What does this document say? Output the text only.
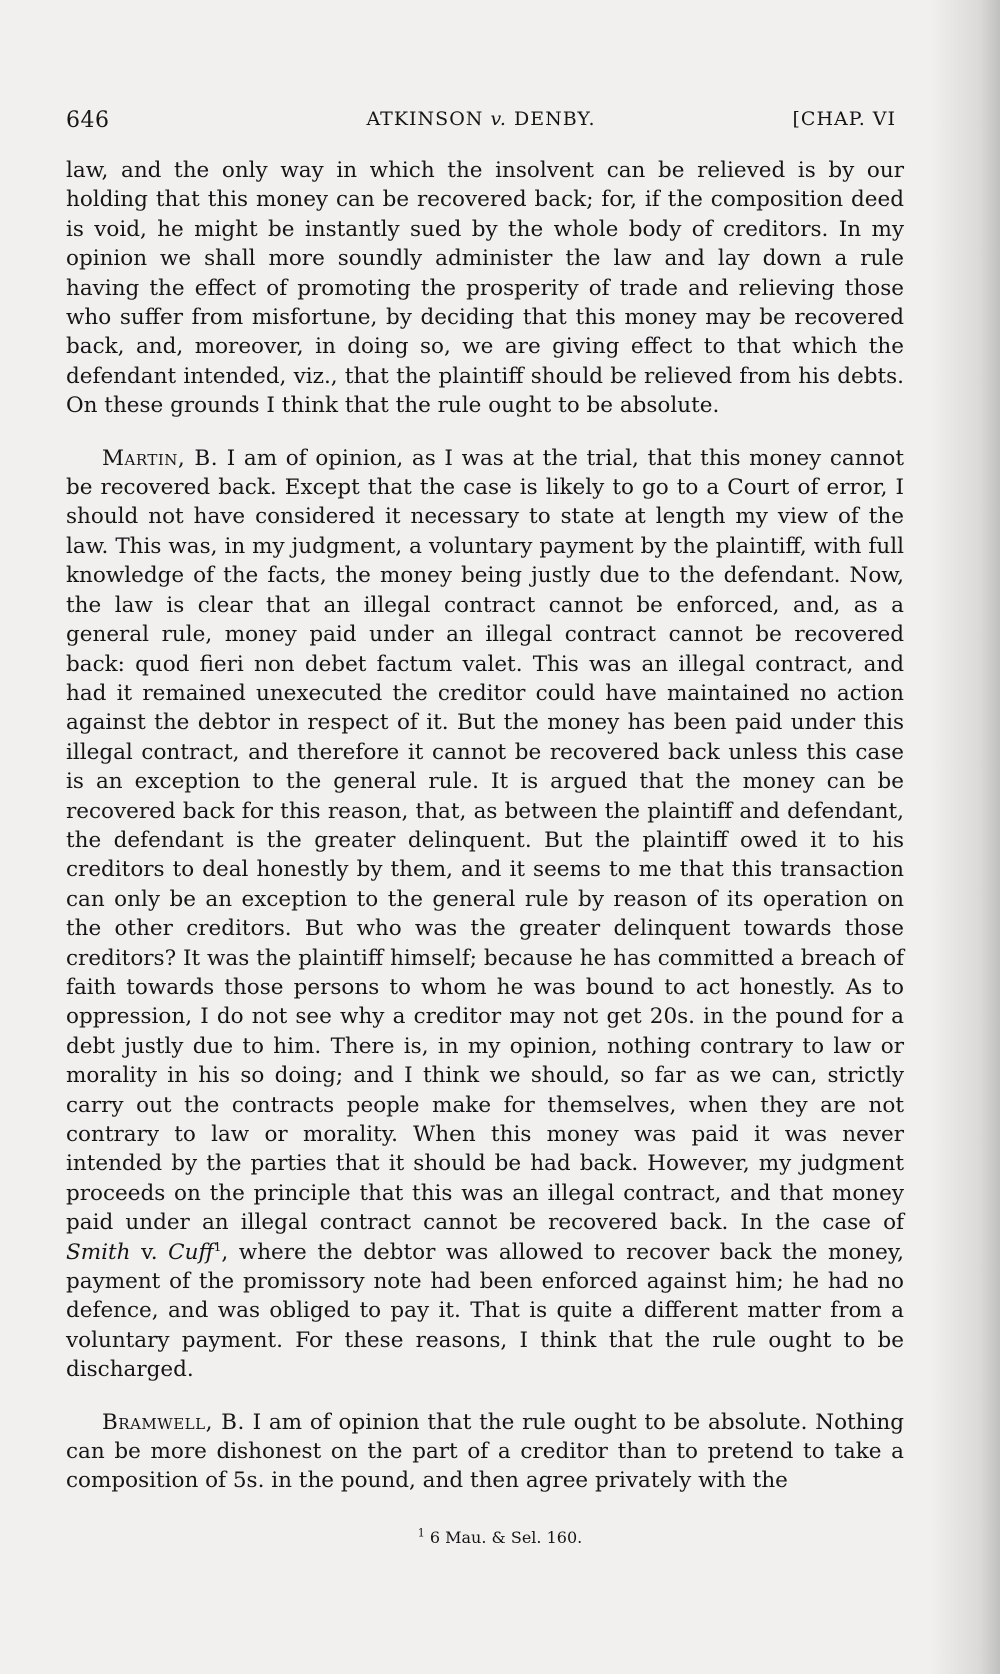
646	ATKINSON v. DENBY.	[CHAP. VI

law, and the only way in which the insolvent can be relieved is by our holding that this money can be recovered back; for, if the composition deed is void, he might be instantly sued by the whole body of creditors. In my opinion we shall more soundly administer the law and lay down a rule having the effect of promoting the prosperity of trade and relieving those who suffer from misfortune, by deciding that this money may be recovered back, and, moreover, in doing so, we are giving effect to that which the defendant intended, viz., that the plaintiff should be relieved from his debts. On these grounds I think that the rule ought to be absolute.

Martin, B. I am of opinion, as I was at the trial, that this money cannot be recovered back. Except that the case is likely to go to a Court of error, I should not have considered it necessary to state at length my view of the law. This was, in my judgment, a voluntary payment by the plaintiff, with full knowledge of the facts, the money being justly due to the defendant. Now, the law is clear that an illegal contract cannot be enforced, and, as a general rule, money paid under an illegal contract cannot be recovered back: quod fieri non debet factum valet. This was an illegal contract, and had it remained unexecuted the creditor could have maintained no action against the debtor in respect of it. But the money has been paid under this illegal contract, and therefore it cannot be recovered back unless this case is an exception to the general rule. It is argued that the money can be recovered back for this reason, that, as between the plaintiff and defendant, the defendant is the greater delinquent. But the plaintiff owed it to his creditors to deal honestly by them, and it seems to me that this transaction can only be an exception to the general rule by reason of its operation on the other creditors. But who was the greater delinquent towards those creditors? It was the plaintiff himself; because he has committed a breach of faith towards those persons to whom he was bound to act honestly. As to oppression, I do not see why a creditor may not get 20s. in the pound for a debt justly due to him. There is, in my opinion, nothing contrary to law or morality in his so doing; and I think we should, so far as we can, strictly carry out the contracts people make for themselves, when they are not contrary to law or morality. When this money was paid it was never intended by the parties that it should be had back. However, my judgment proceeds on the principle that this was an illegal contract, and that money paid under an illegal contract cannot be recovered back. In the case of Smith v. Cuff$^1$, where the debtor was allowed to recover back the money, payment of the promissory note had been enforced against him; he had no defence, and was obliged to pay it. That is quite a different matter from a voluntary payment. For these reasons, I think that the rule ought to be discharged.

Bramwell, B. I am of opinion that the rule ought to be absolute. Nothing can be more dishonest on the part of a creditor than to pretend to take a composition of 5s. in the pound, and then agree privately with the

$^1$ 6 Mau. & Sel. 160.
